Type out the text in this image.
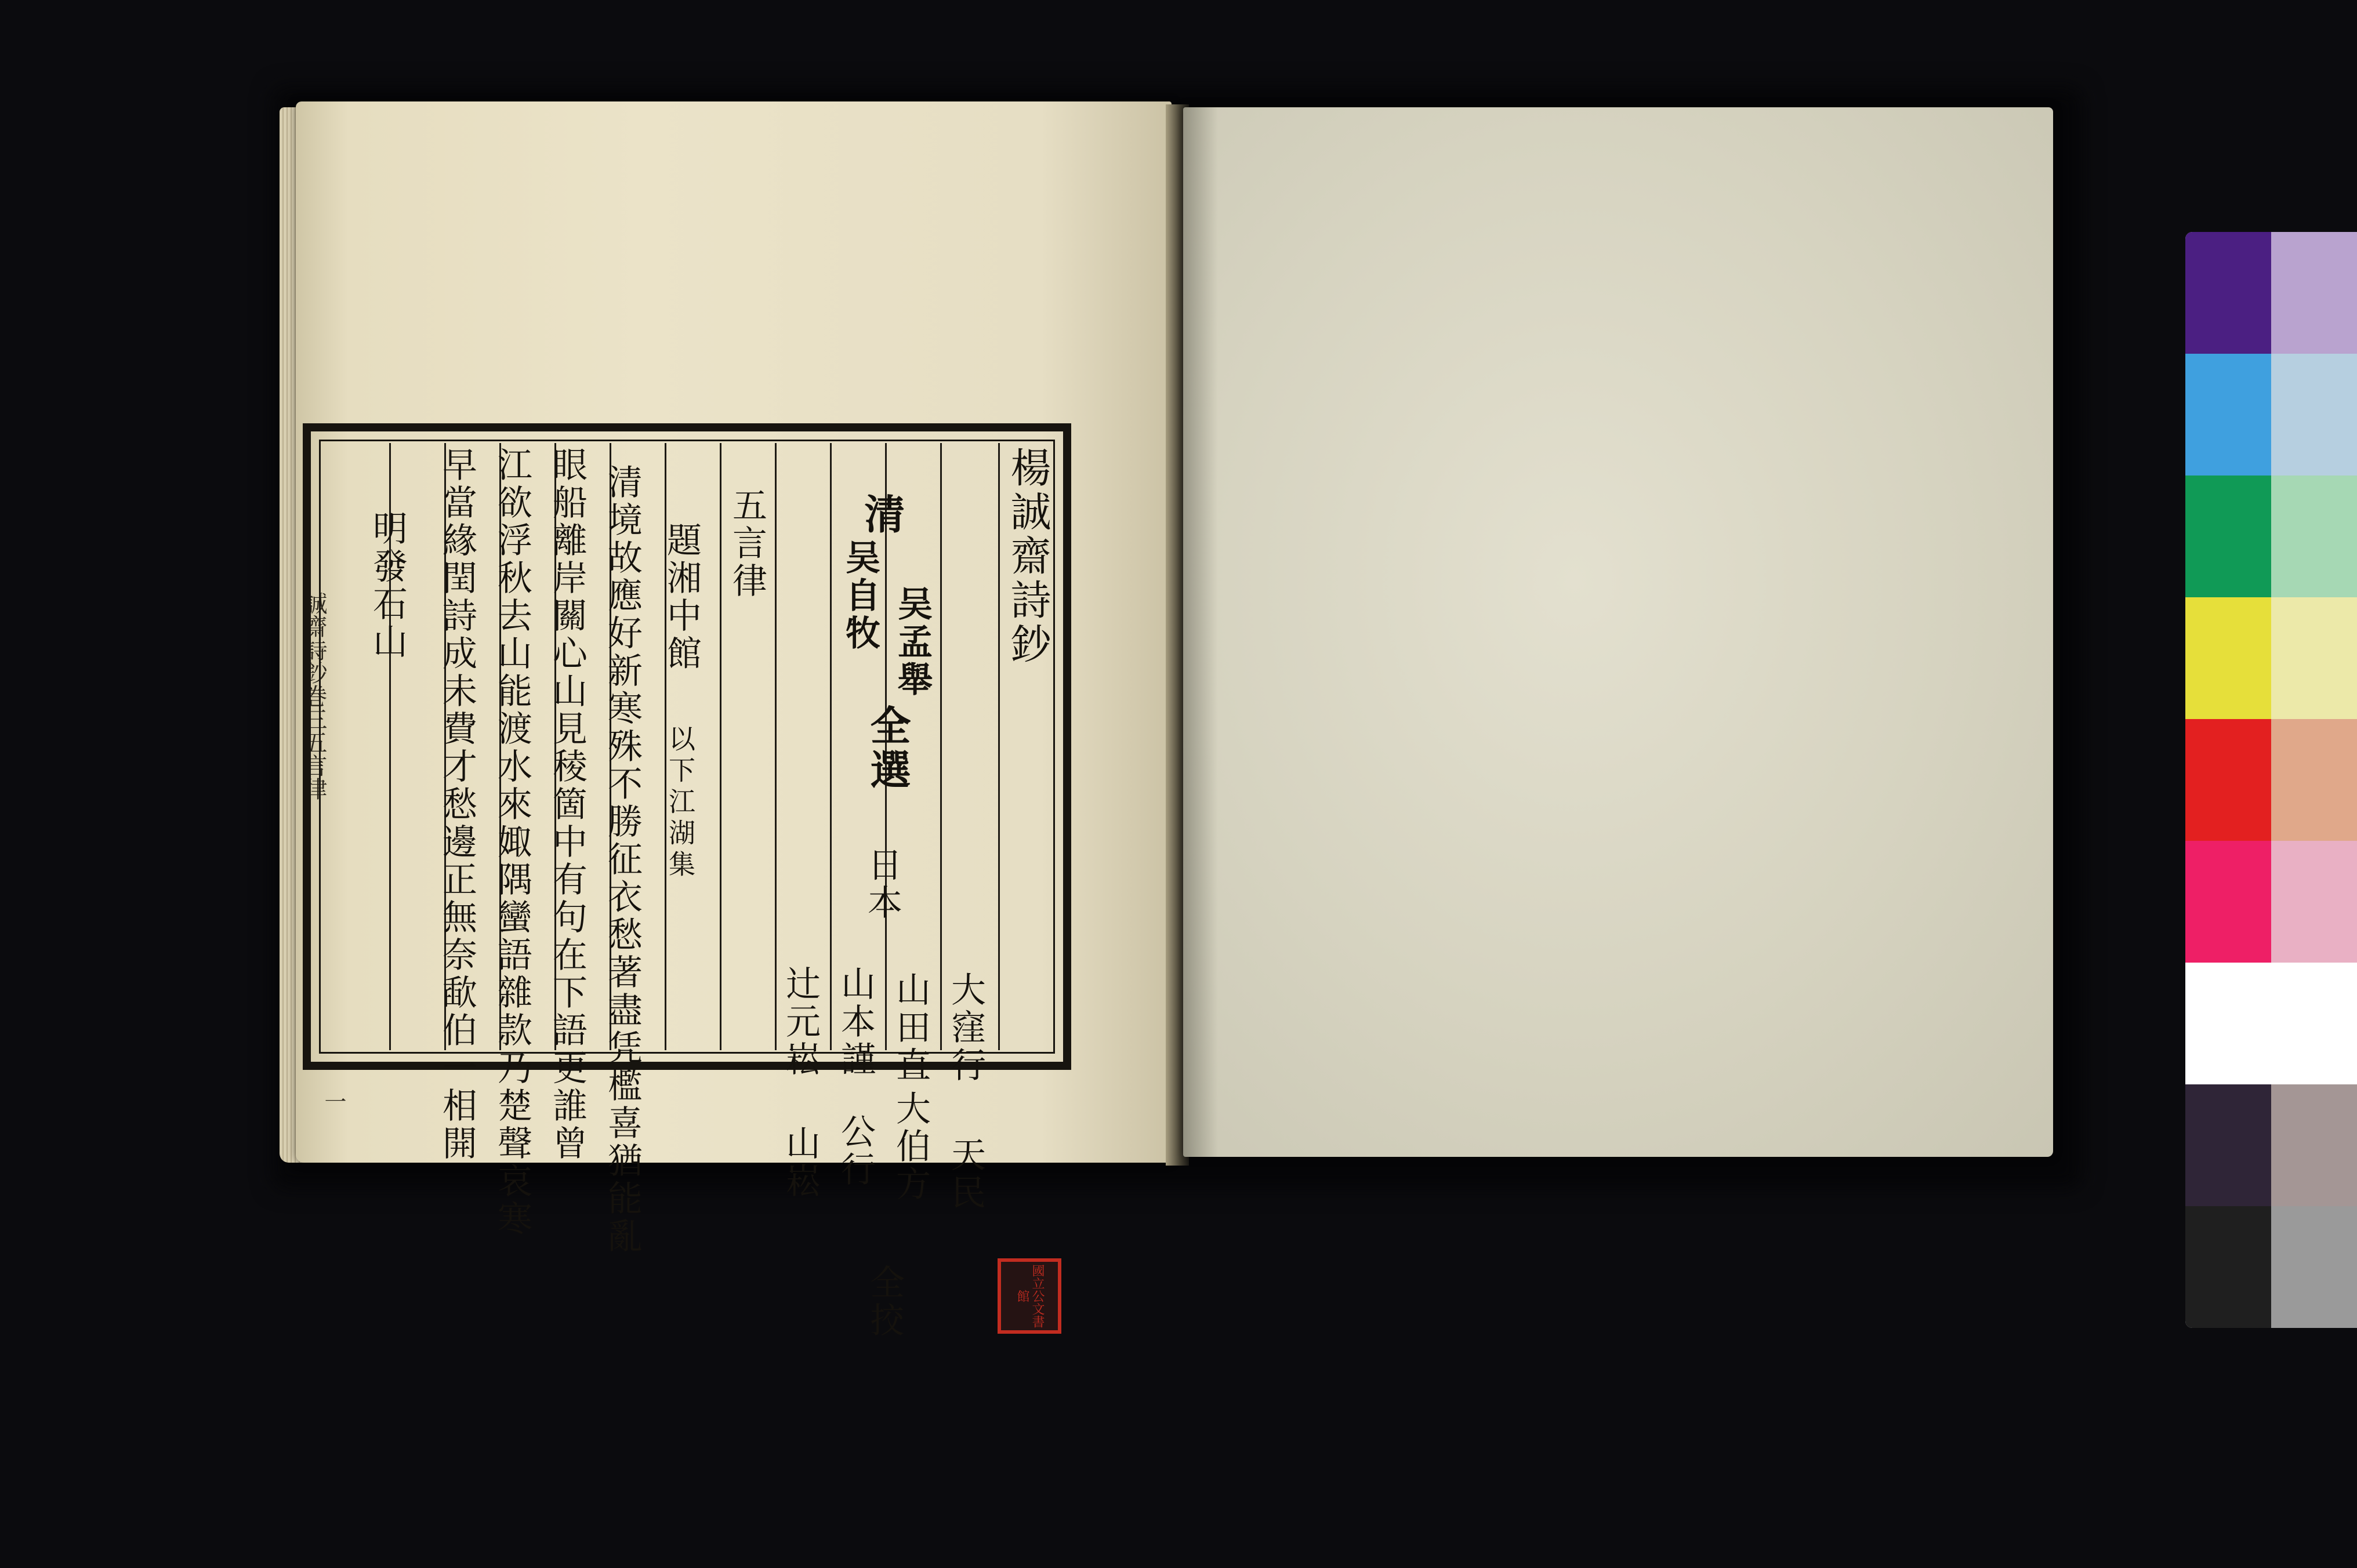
誠齋詩鈔巻三五言律
一
楊誠齋詩鈔
清
吴孟舉
吴自牧
全選
日本
大窪行
天民
山田直
大伯方
山本謹
公行
辻元崧
山崧
全挍
五言律
題湘中館
以下江湖集
清境故應好新寒殊不勝征衣愁著盡凭檻喜猶能亂
眼船離岸關心山見稜箇中有句在下語更誰曾
江欲浮秋去山能渡水來娵隅蠻語雜款乃楚聲哀寒
早當緣閏詩成未費才愁邊正無奈歃伯一相開
明發石山
國立公文書館
